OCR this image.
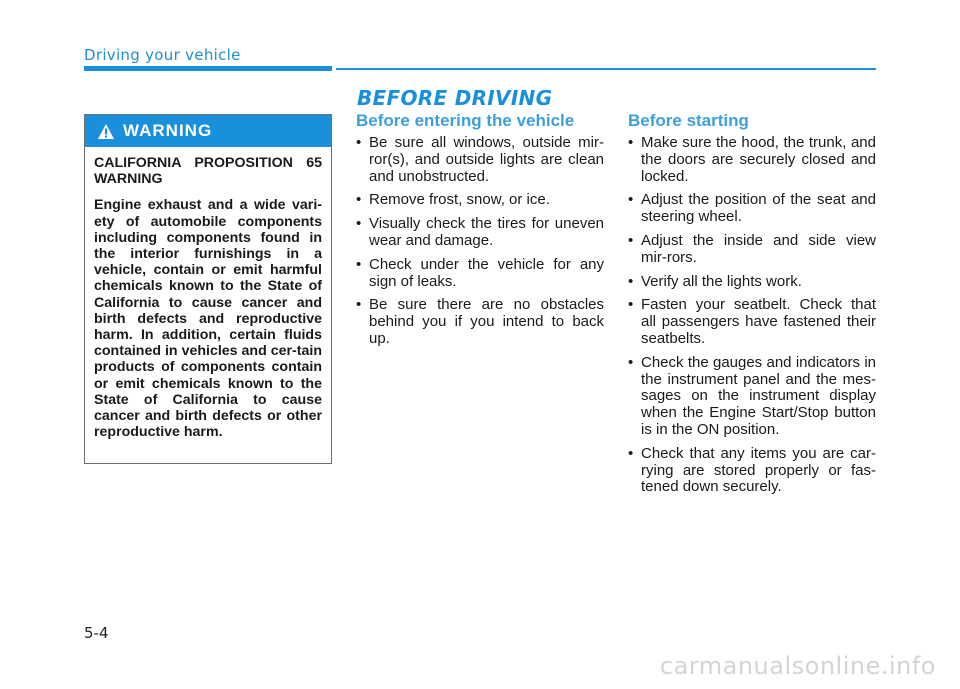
Driving your vehicle
WARNING

CALIFORNIA PROPOSITION 65 WARNING

Engine exhaust and a wide vari-ety of automobile components including components found in the interior furnishings in a vehicle, contain or emit harmful chemicals known to the State of California to cause cancer and birth defects and reproductive harm. In addition, certain fluids contained in vehicles and cer-tain products of components contain or emit chemicals known to the State of California to cause cancer and birth defects or other reproductive harm.

BEFORE DRIVING
Before entering the vehicle
• Be sure all windows, outside mir-ror(s), and outside lights are clean and unobstructed.
• Remove frost, snow, or ice.
• Visually check the tires for uneven wear and damage.
• Check under the vehicle for any sign of leaks.
• Be sure there are no obstacles behind you if you intend to back up.
Before starting
• Make sure the hood, the trunk, and the doors are securely closed and locked.
• Adjust the position of the seat and steering wheel.
• Adjust the inside and side view mir-rors.
• Verify all the lights work.
• Fasten your seatbelt. Check that all passengers have fastened their seatbelts.
• Check the gauges and indicators in the instrument panel and the mes-sages on the instrument display when the Engine Start/Stop button is in the ON position.
• Check that any items you are car-rying are stored properly or fas-tened down securely.
5-4
carmanualsonline.info
